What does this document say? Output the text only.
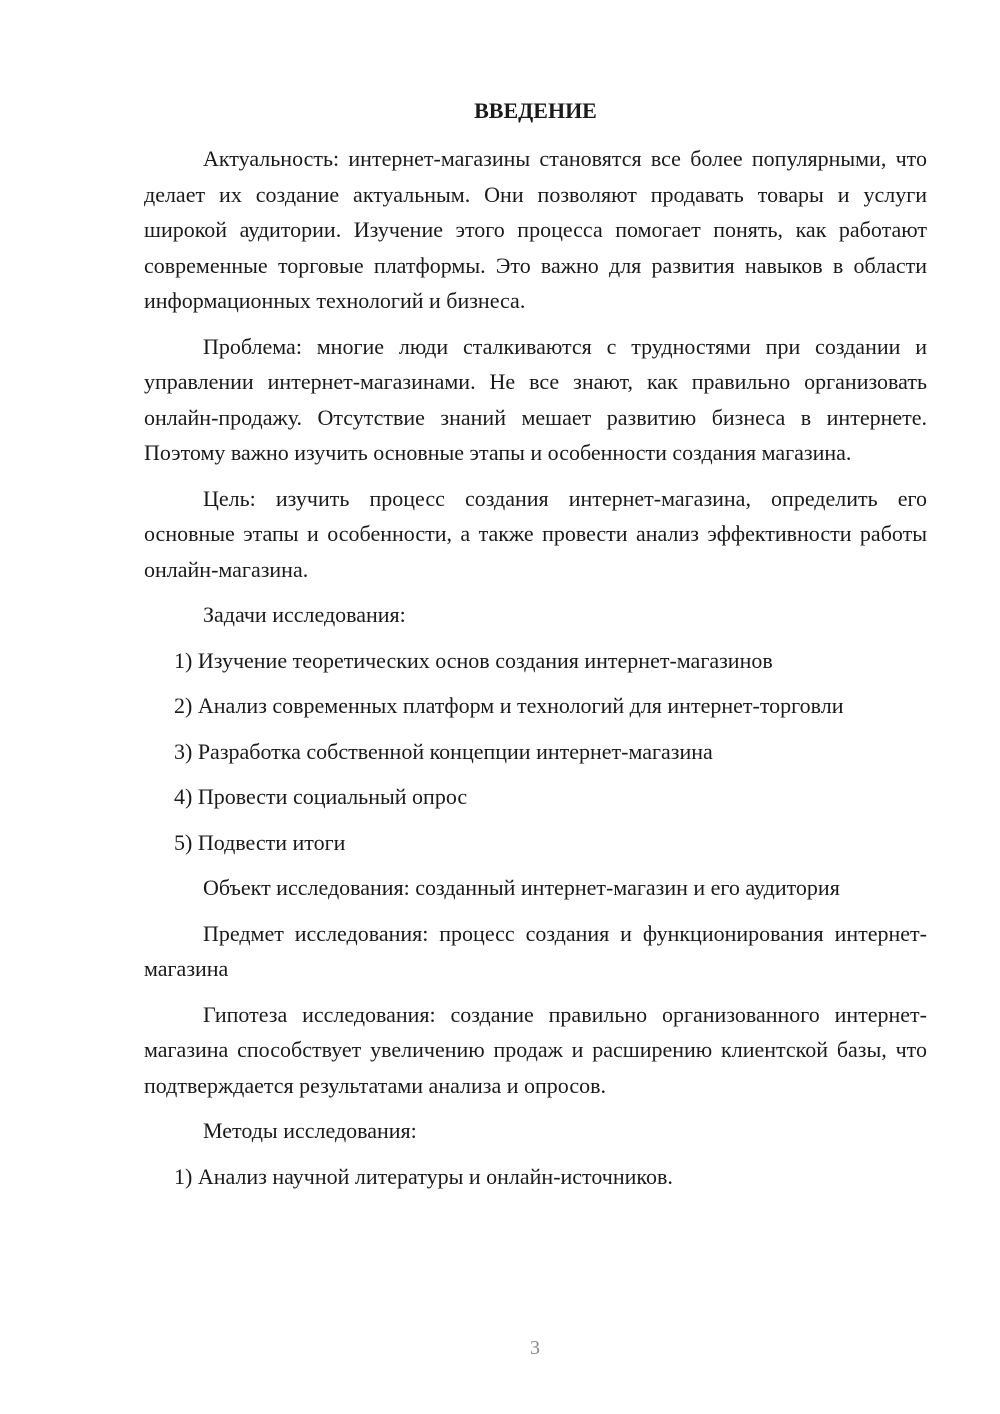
ВВЕДЕНИЕ

Актуальность: интернет-магазины становятся все более популярными, что делает их создание актуальным. Они позволяют продавать товары и услуги широкой аудитории. Изучение этого процесса помогает понять, как работают современные торговые платформы. Это важно для развития навыков в области информационных технологий и бизнеса.

Проблема: многие люди сталкиваются с трудностями при создании и управлении интернет-магазинами. Не все знают, как правильно организовать онлайн-продажу. Отсутствие знаний мешает развитию бизнеса в интернете. Поэтому важно изучить основные этапы и особенности создания магазина.

Цель: изучить процесс создания интернет-магазина, определить его основные этапы и особенности, а также провести анализ эффективности работы онлайн-магазина.

Задачи исследования:

1) Изучение теоретических основ создания интернет-магазинов

2) Анализ современных платформ и технологий для интернет-торговли

3) Разработка собственной концепции интернет-магазина

4) Провести социальный опрос

5) Подвести итоги

Объект исследования: созданный интернет-магазин и его аудитория

Предмет исследования: процесс создания и функционирования интернет-магазина

Гипотеза исследования: создание правильно организованного интернет-магазина способствует увеличению продаж и расширению клиентской базы, что подтверждается результатами анализа и опросов.

Методы исследования:

1) Анализ научной литературы и онлайн-источников.

3
